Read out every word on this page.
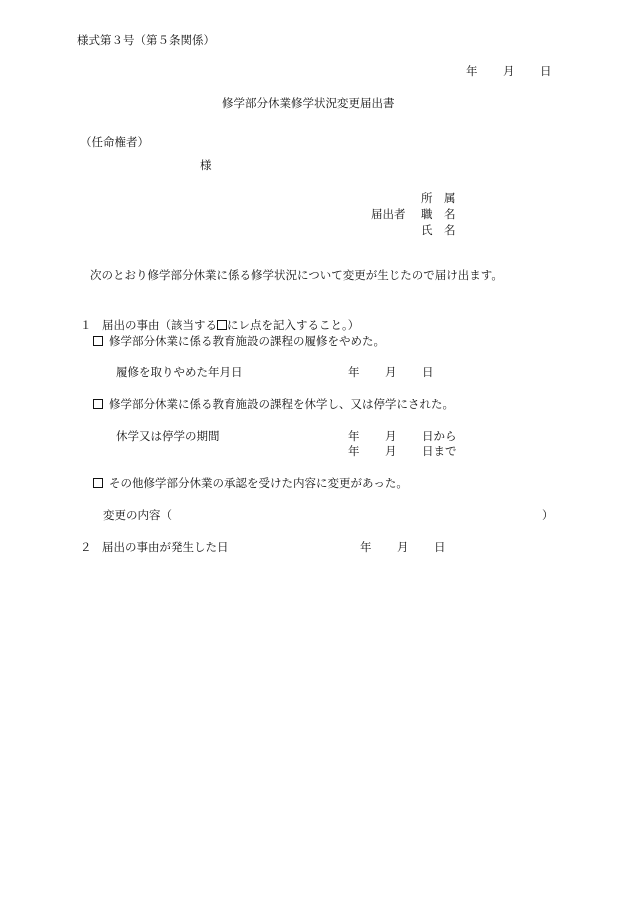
様式第３号（第５条関係）
年 月 日
修学部分休業修学状況変更届出書
（任命権者）
様
所　属
届出者 職　名
氏　名
次のとおり修学部分休業に係る修学状況について変更が生じたので届け出ます。
１ 届出の事由（該当する にレ点を記入すること。）
修学部分休業に係る教育施設の課程の履修をやめた。
履修を取りやめた年月日	年 月 日
修学部分休業に係る教育施設の課程を休学し、又は停学にされた。
休学又は停学の期間	年 月 日から
年 月 日まで
その他修学部分休業の承認を受けた内容に変更があった。
変更の内容（	）
２ 届出の事由が発生した日	年 月 日
